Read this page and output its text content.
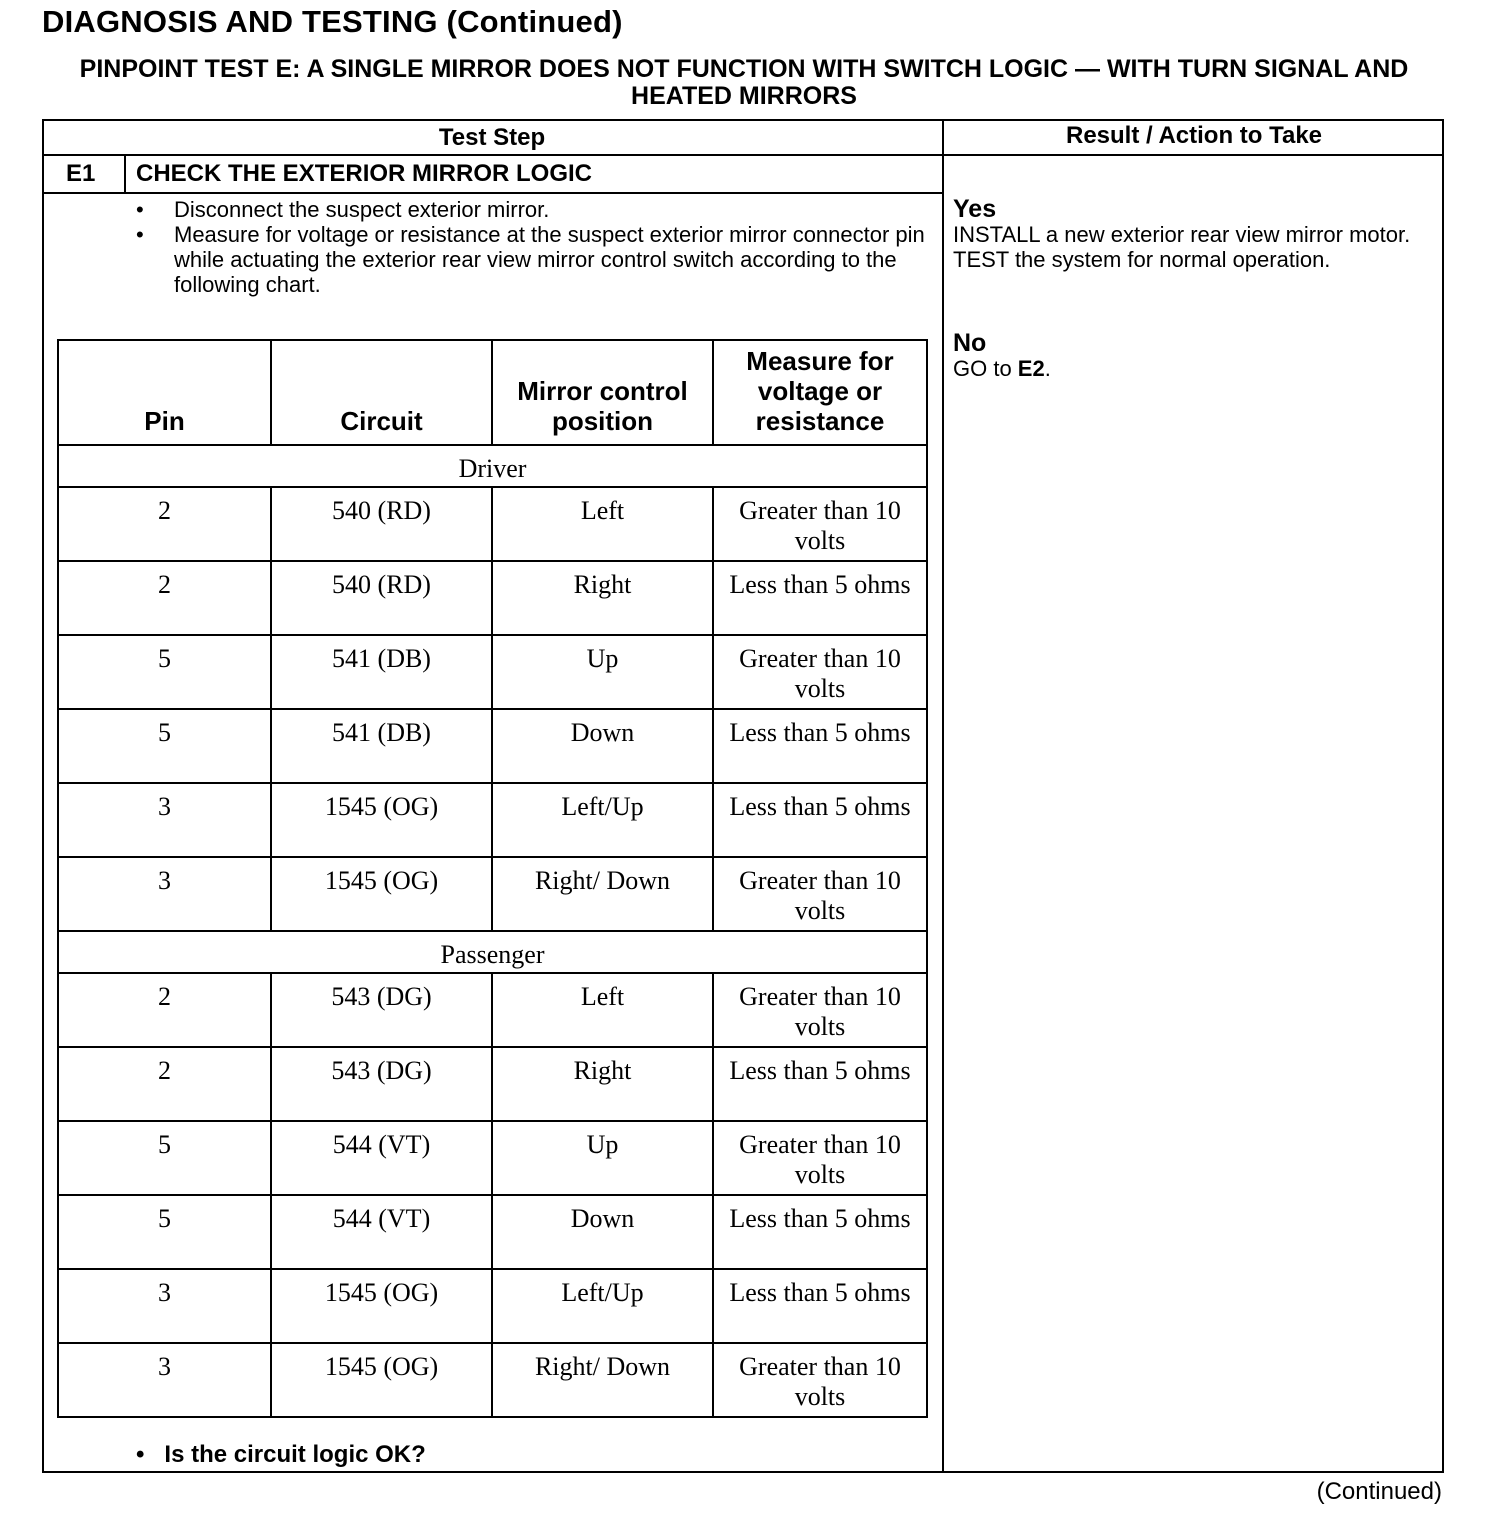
DIAGNOSIS AND TESTING (Continued)
PINPOINT TEST E: A SINGLE MIRROR DOES NOT FUNCTION WITH SWITCH LOGIC — WITH TURN SIGNAL AND HEATED MIRRORS
Test Step	Result / Action to Take
E1 CHECK THE EXTERIOR MIRROR LOGIC
• Disconnect the suspect exterior mirror.
• Measure for voltage or resistance at the suspect exterior mirror connector pin while actuating the exterior rear view mirror control switch according to the following chart.
Yes
INSTALL a new exterior rear view mirror motor. TEST the system for normal operation.
No
GO to E2.
Pin	Circuit	Mirror control position	Measure for voltage or resistance
Driver			
2	540 (RD)	Left	Greater than 10 volts
2	540 (RD)	Right	Less than 5 ohms
5	541 (DB)	Up	Greater than 10 volts
5	541 (DB)	Down	Less than 5 ohms
3	1545 (OG)	Left/Up	Less than 5 ohms
3	1545 (OG)	Right/ Down	Greater than 10 volts
Passenger			
2	543 (DG)	Left	Greater than 10 volts
2	543 (DG)	Right	Less than 5 ohms
5	544 (VT)	Up	Greater than 10 volts
5	544 (VT)	Down	Less than 5 ohms
3	1545 (OG)	Left/Up	Less than 5 ohms
3	1545 (OG)	Right/ Down	Greater than 10 volts
•   Is the circuit logic OK?
(Continued)
